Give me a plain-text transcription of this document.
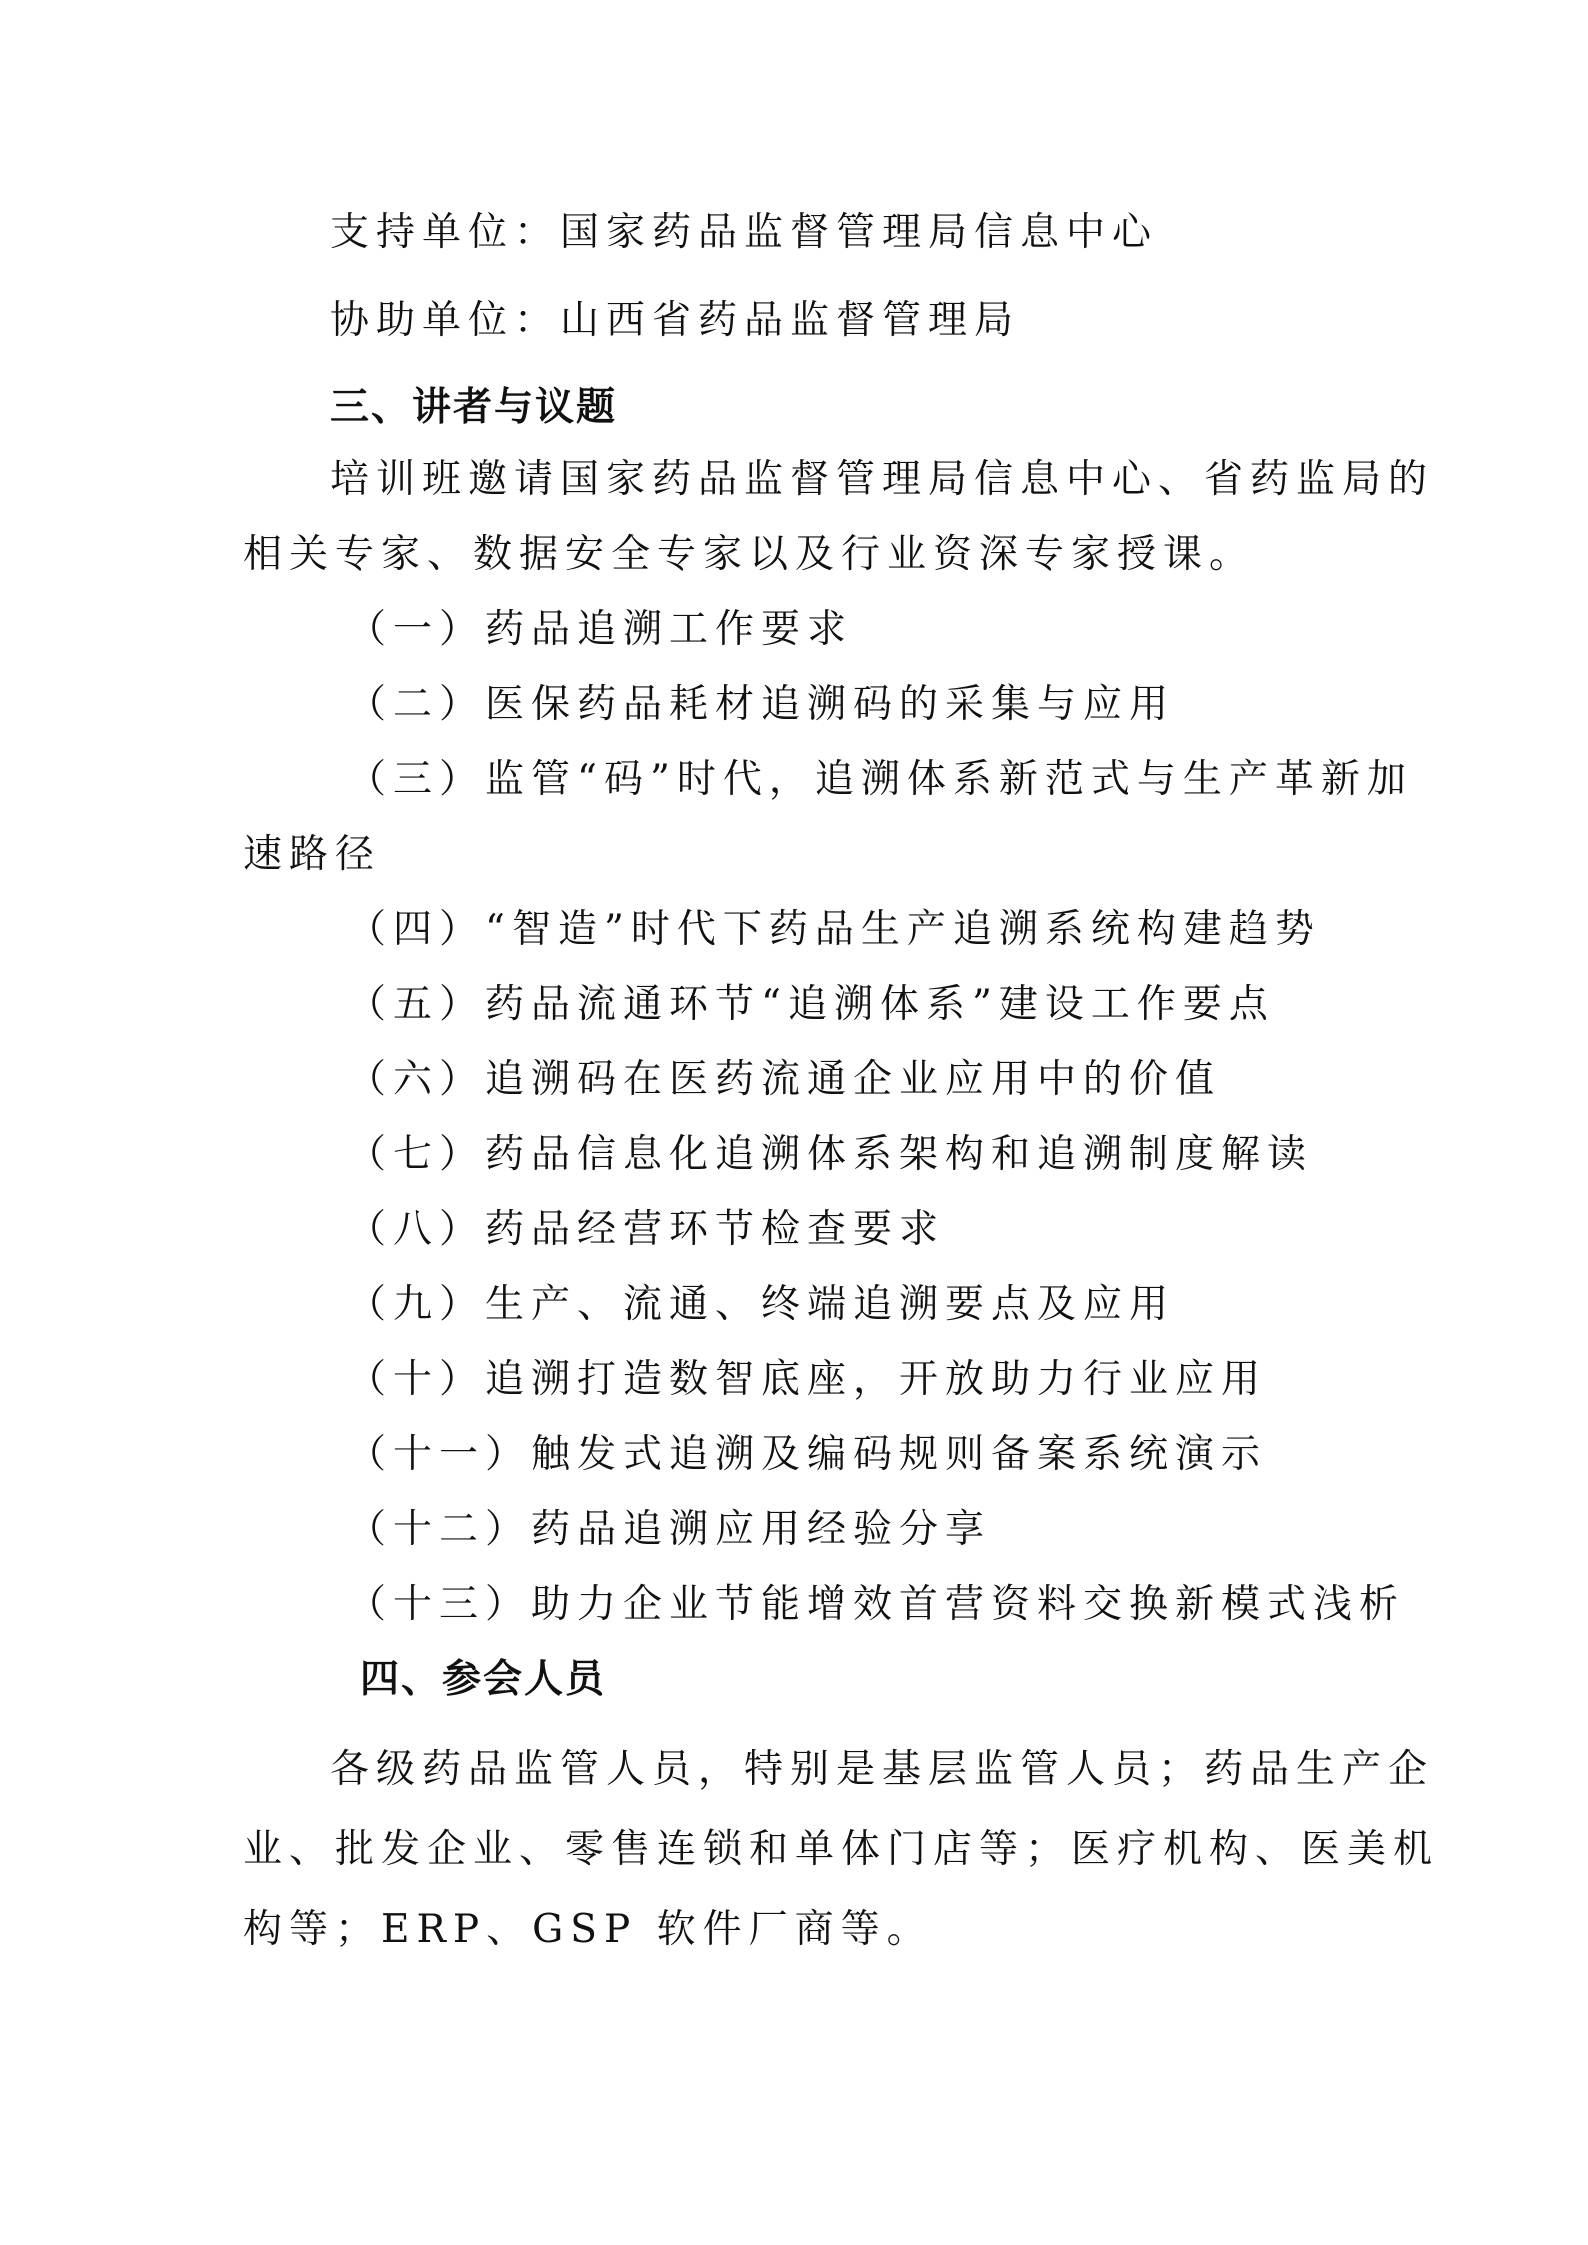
支持单位：国家药品监督管理局信息中心
协助单位：山西省药品监督管理局
三、讲者与议题
培训班邀请国家药品监督管理局信息中心、省药监局的
相关专家、数据安全专家以及行业资深专家授课。
（一）药品追溯工作要求
（二）医保药品耗材追溯码的采集与应用
（三）监管“码”时代，追溯体系新范式与生产革新加
速路径
（四）“智造”时代下药品生产追溯系统构建趋势
（五）药品流通环节“追溯体系”建设工作要点
（六）追溯码在医药流通企业应用中的价值
（七）药品信息化追溯体系架构和追溯制度解读
（八）药品经营环节检查要求
（九）生产、流通、终端追溯要点及应用
（十）追溯打造数智底座，开放助力行业应用
（十一）触发式追溯及编码规则备案系统演示
（十二）药品追溯应用经验分享
（十三）助力企业节能增效首营资料交换新模式浅析
四、参会人员
各级药品监管人员，特别是基层监管人员；药品生产企
业、批发企业、零售连锁和单体门店等；医疗机构、医美机
构等；ERP、GSP 软件厂商等。
